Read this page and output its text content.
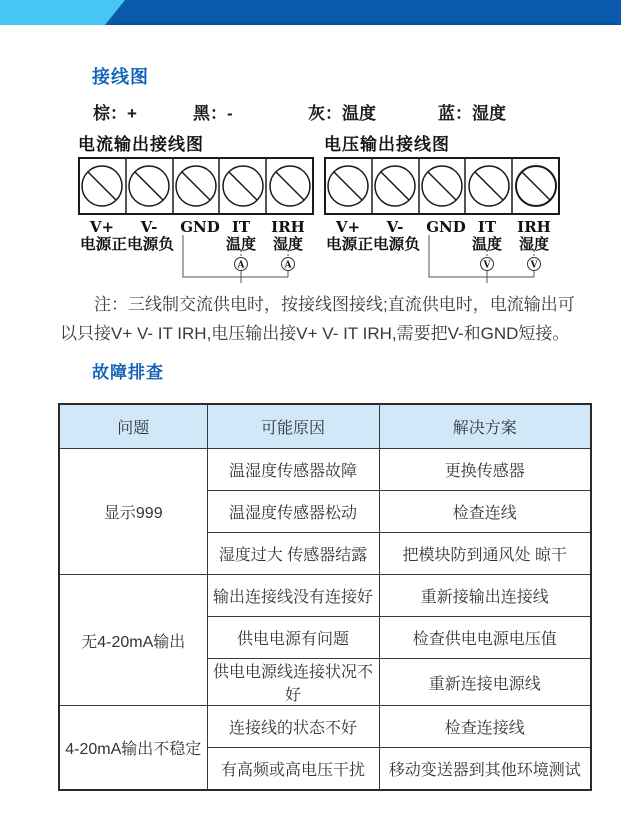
接线图
棕：+	黑：-	灰：温度	蓝：湿度
电流输出接线图
V+ V- GND IT IRH
电源正电源负	温度 湿度
A	A
电压输出接线图
V+ V- GND IT IRH
电源正电源负	温度 湿度
V	V
注：三线制交流供电时，按接线图接线;直流供电时，电流输出可
以只接V+ V- IT IRH,电压输出接V+ V- IT IRH,需要把V-和GND短接。
故障排查
问题	可能原因	解决方案
显示999	温湿度传感器故障	更换传感器
	温湿度传感器松动	检查连线
	湿度过大 传感器结露	把模块防到通风处 晾干
无4-20mA输出	输出连接线没有连接好	重新接输出连接线
	供电电源有问题	检查供电电源电压值
	供电电源线连接状况不好	重新连接电源线
4-20mA输出不稳定	连接线的状态不好	检查连接线
	有高频或高电压干扰	移动变送器到其他环境测试
